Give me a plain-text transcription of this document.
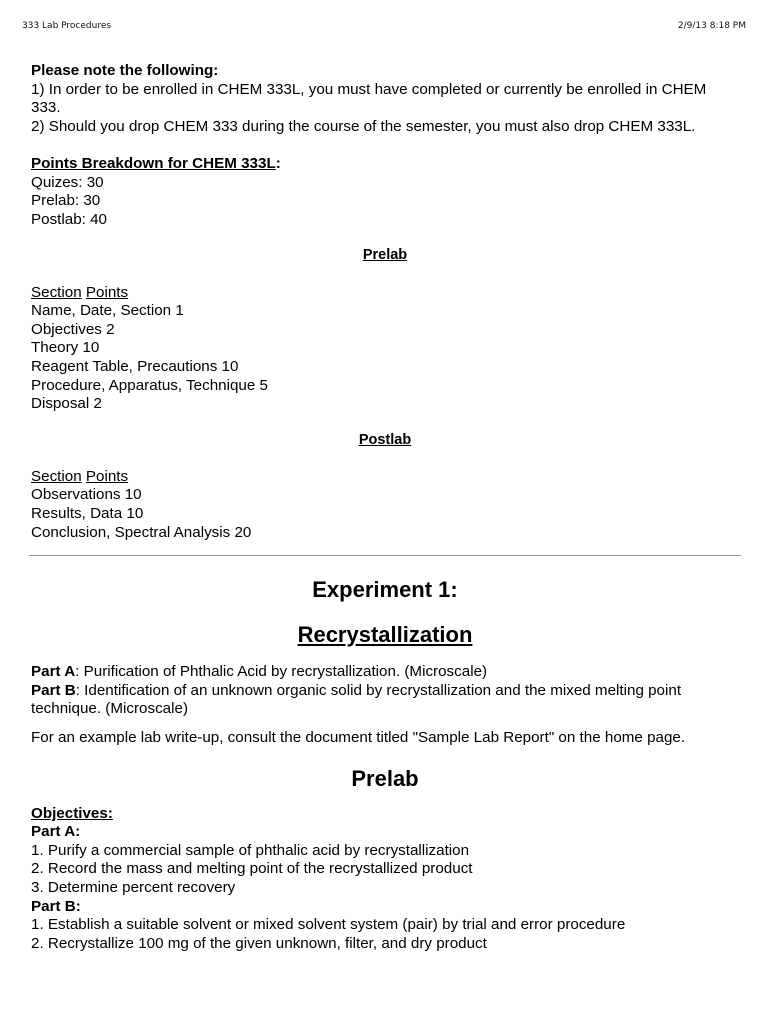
333 Lab Procedures	2/9/13 8:18 PM
Please note the following:
1) In order to be enrolled in CHEM 333L, you must have completed or currently be enrolled in CHEM 333.
2) Should you drop CHEM 333 during the course of the semester, you must also drop CHEM 333L.
Points Breakdown for CHEM 333L:
Quizes: 30
Prelab: 30
Postlab: 40
Prelab
Section Points
Name, Date, Section 1
Objectives 2
Theory 10
Reagent Table, Precautions 10
Procedure, Apparatus, Technique 5
Disposal 2
Postlab
Section Points
Observations 10
Results, Data 10
Conclusion, Spectral Analysis 20
Experiment 1:
Recrystallization
Part A: Purification of Phthalic Acid by recrystallization. (Microscale)
Part B: Identification of an unknown organic solid by recrystallization and the mixed melting point technique. (Microscale)
For an example lab write-up, consult the document titled "Sample Lab Report" on the home page.
Prelab
Objectives:
Part A:
1. Purify a commercial sample of phthalic acid by recrystallization
2. Record the mass and melting point of the recrystallized product
3. Determine percent recovery
Part B:
1. Establish a suitable solvent or mixed solvent system (pair) by trial and error procedure
2. Recrystallize 100 mg of the given unknown, filter, and dry product
